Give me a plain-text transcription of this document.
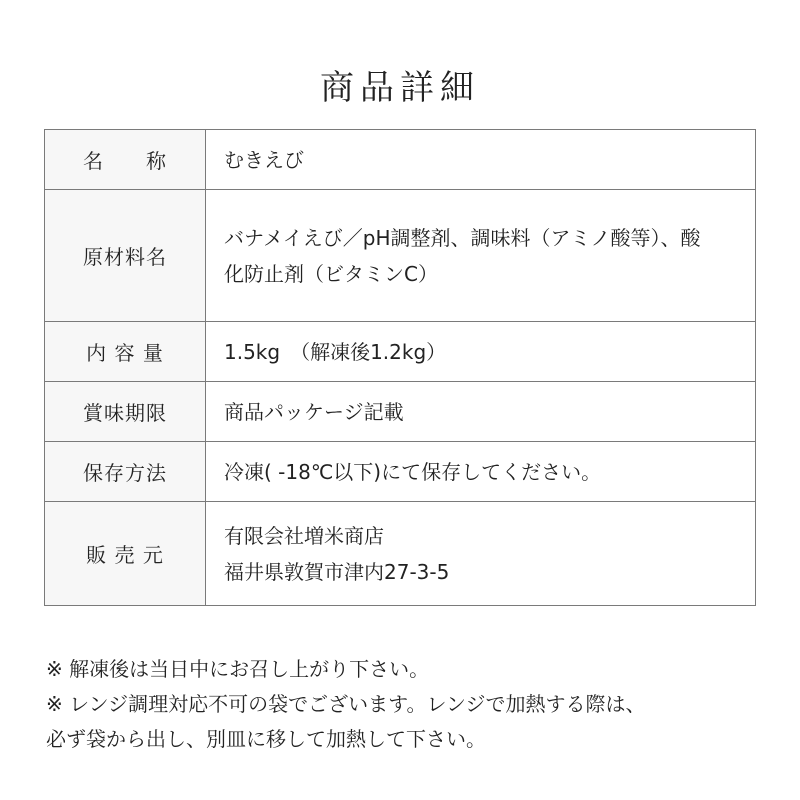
商品詳細
名　　称	むきえび
原材料名	バナメイえび／pH調整剤、調味料（アミノ酸等）、酸
化防止剤（ビタミンC）

内 容 量	1.5kg　（解凍後1.2kg）
賞味期限	商品パッケージ記載
保存方法	冷凍( -18℃以下)にて保存してください。
販 売 元	有限会社増米商店
福井県敦賀市津内27-3-5

※ 解凍後は当日中にお召し上がり下さい。

※ レンジ調理対応不可の袋でございます。レンジで加熱する際は、

必ず袋から出し、別皿に移して加熱して下さい。
